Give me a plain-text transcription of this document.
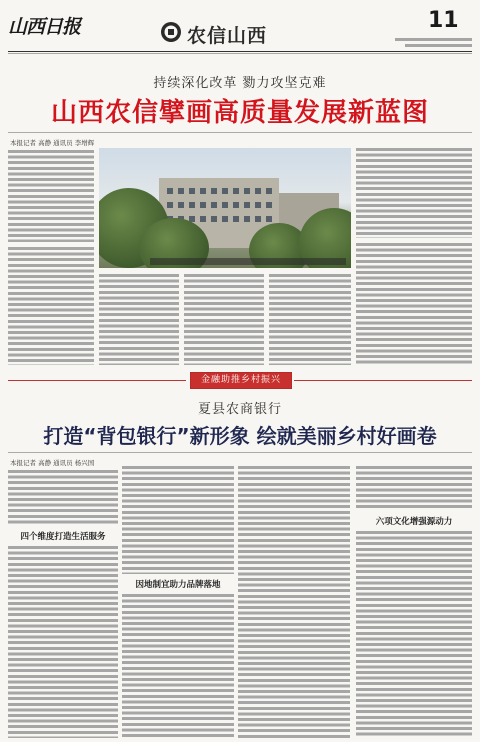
山西日报	农信山西
11
持续深化改革 勠力攻坚克难
山西农信擘画高质量发展新蓝图
本报记者 高静 通讯员 李增辉
金融助推乡村振兴
夏县农商银行
打造“背包银行”新形象 绘就美丽乡村好画卷
本报记者 高静 通讯员 杨兴国
四个维度打造生活服务
因地制宜助力品牌落地
六项文化增强源动力
